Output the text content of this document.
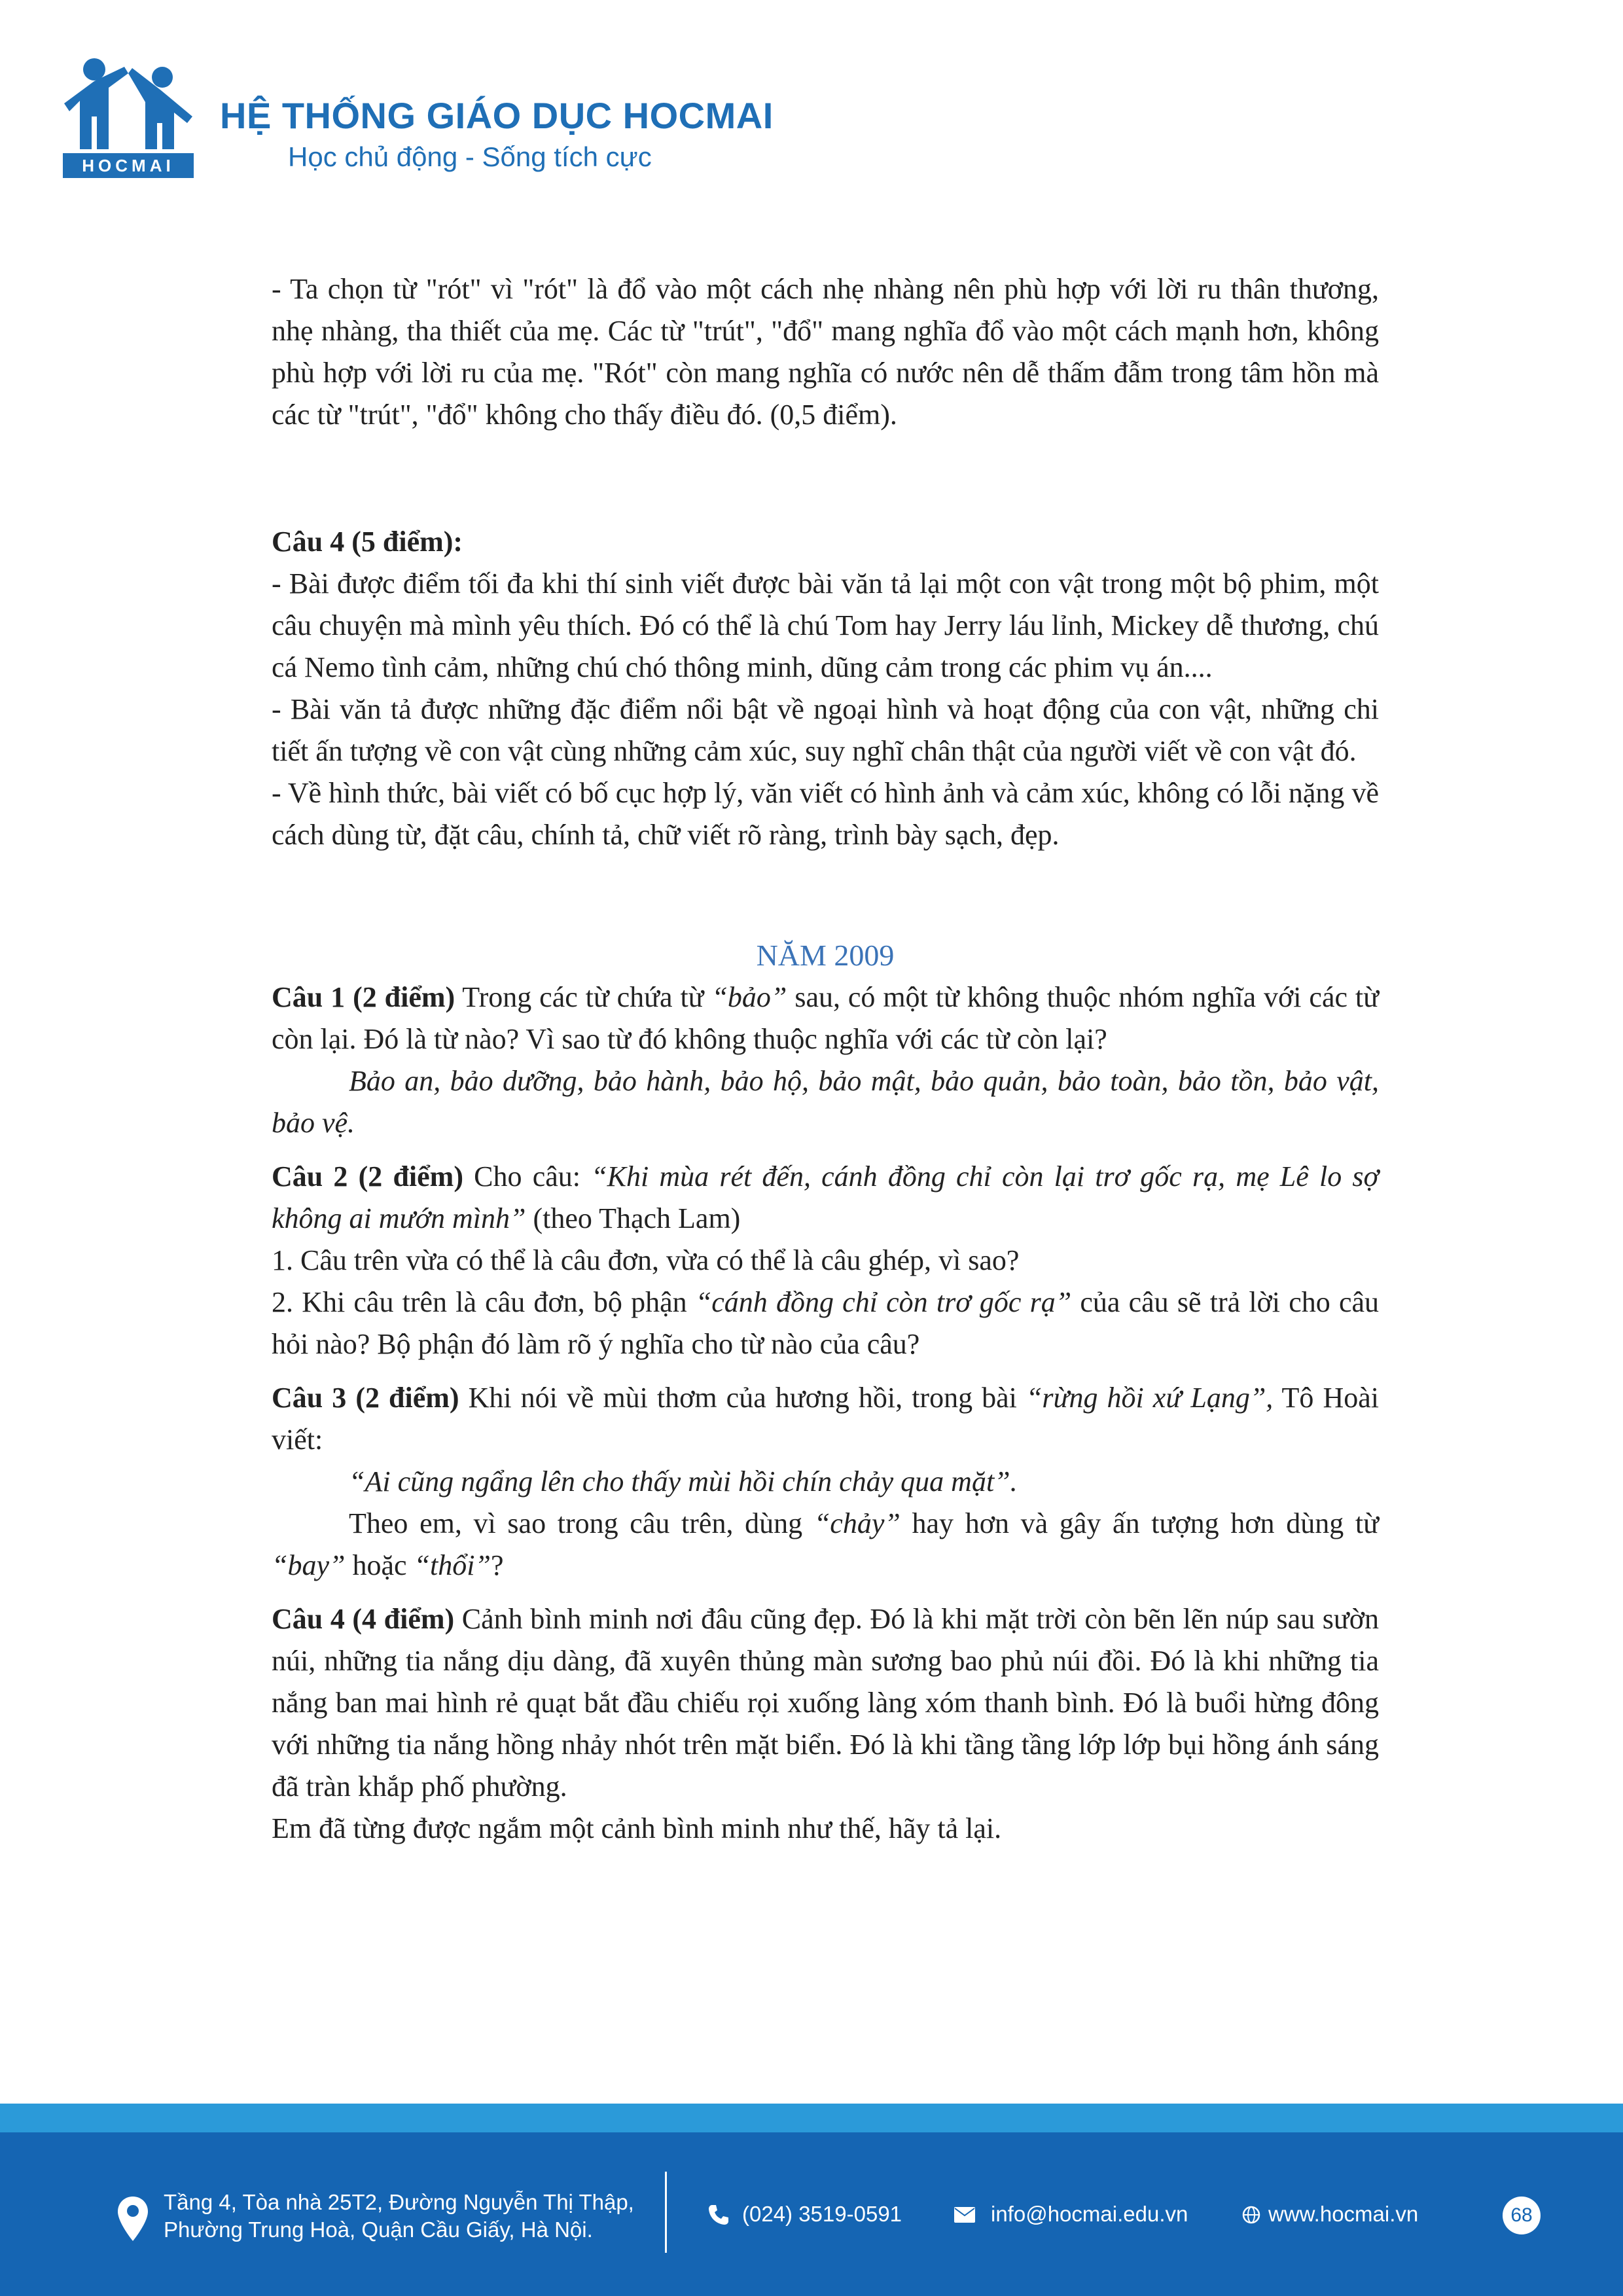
HOCMAI
HỆ THỐNG GIÁO DỤC HOCMAI
Học chủ động - Sống tích cực

- Ta chọn từ "rót" vì "rót" là đổ vào một cách nhẹ nhàng nên phù hợp với lời ru thân thương, nhẹ nhàng, tha thiết của mẹ. Các từ "trút", "đổ" mang nghĩa đổ vào một cách mạnh hơn, không phù hợp với lời ru của mẹ. "Rót" còn mang nghĩa có nước nên dễ thấm đẫm trong tâm hồn mà các từ "trút", "đổ" không cho thấy điều đó. (0,5 điểm).

Câu 4 (5 điểm):

- Bài được điểm tối đa khi thí sinh viết được bài văn tả lại một con vật trong một bộ phim, một câu chuyện mà mình yêu thích. Đó có thể là chú Tom hay Jerry láu lỉnh, Mickey dễ thương, chú cá Nemo tình cảm, những chú chó thông minh, dũng cảm trong các phim vụ án....

- Bài văn tả được những đặc điểm nổi bật về ngoại hình và hoạt động của con vật, những chi tiết ấn tượng về con vật cùng những cảm xúc, suy nghĩ chân thật của người viết về con vật đó.

- Về hình thức, bài viết có bố cục hợp lý, văn viết có hình ảnh và cảm xúc, không có lỗi nặng về cách dùng từ, đặt câu, chính tả, chữ viết rõ ràng, trình bày sạch, đẹp.

NĂM 2009

Câu 1 (2 điểm) Trong các từ chứa từ “bảo” sau, có một từ không thuộc nhóm nghĩa với các từ còn lại. Đó là từ nào? Vì sao từ đó không thuộc nghĩa với các từ còn lại?

Bảo an, bảo dưỡng, bảo hành, bảo hộ, bảo mật, bảo quản, bảo toàn, bảo tồn, bảo vật, bảo vệ.

Câu 2 (2 điểm) Cho câu: “Khi mùa rét đến, cánh đồng chỉ còn lại trơ gốc rạ, mẹ Lê lo sợ không ai mướn mình” (theo Thạch Lam)

1. Câu trên vừa có thể là câu đơn, vừa có thể là câu ghép, vì sao?

2. Khi câu trên là câu đơn, bộ phận “cánh đồng chỉ còn trơ gốc rạ” của câu sẽ trả lời cho câu hỏi nào? Bộ phận đó làm rõ ý nghĩa cho từ nào của câu?

Câu 3 (2 điểm) Khi nói về mùi thơm của hương hồi, trong bài “rừng hồi xứ Lạng”, Tô Hoài viết:

“Ai cũng ngẩng lên cho thấy mùi hồi chín chảy qua mặt”.

Theo em, vì sao trong câu trên, dùng “chảy” hay hơn và gây ấn tượng hơn dùng từ “bay” hoặc “thổi”?

Câu 4 (4 điểm) Cảnh bình minh nơi đâu cũng đẹp. Đó là khi mặt trời còn bẽn lẽn núp sau sườn núi, những tia nắng dịu dàng, đã xuyên thủng màn sương bao phủ núi đồi. Đó là khi những tia nắng ban mai hình rẻ quạt bắt đầu chiếu rọi xuống làng xóm thanh bình. Đó là buổi hừng đông với những tia nắng hồng nhảy nhót trên mặt biển. Đó là khi tầng tầng lớp lớp bụi hồng ánh sáng đã tràn khắp phố phường.

Em đã từng được ngắm một cảnh bình minh như thế, hãy tả lại.

Tầng 4, Tòa nhà 25T2, Đường Nguyễn Thị Thập,
Phường Trung Hoà, Quận Cầu Giấy, Hà Nội.
(024) 3519-0591	info@hocmai.edu.vn	www.hocmai.vn	68
